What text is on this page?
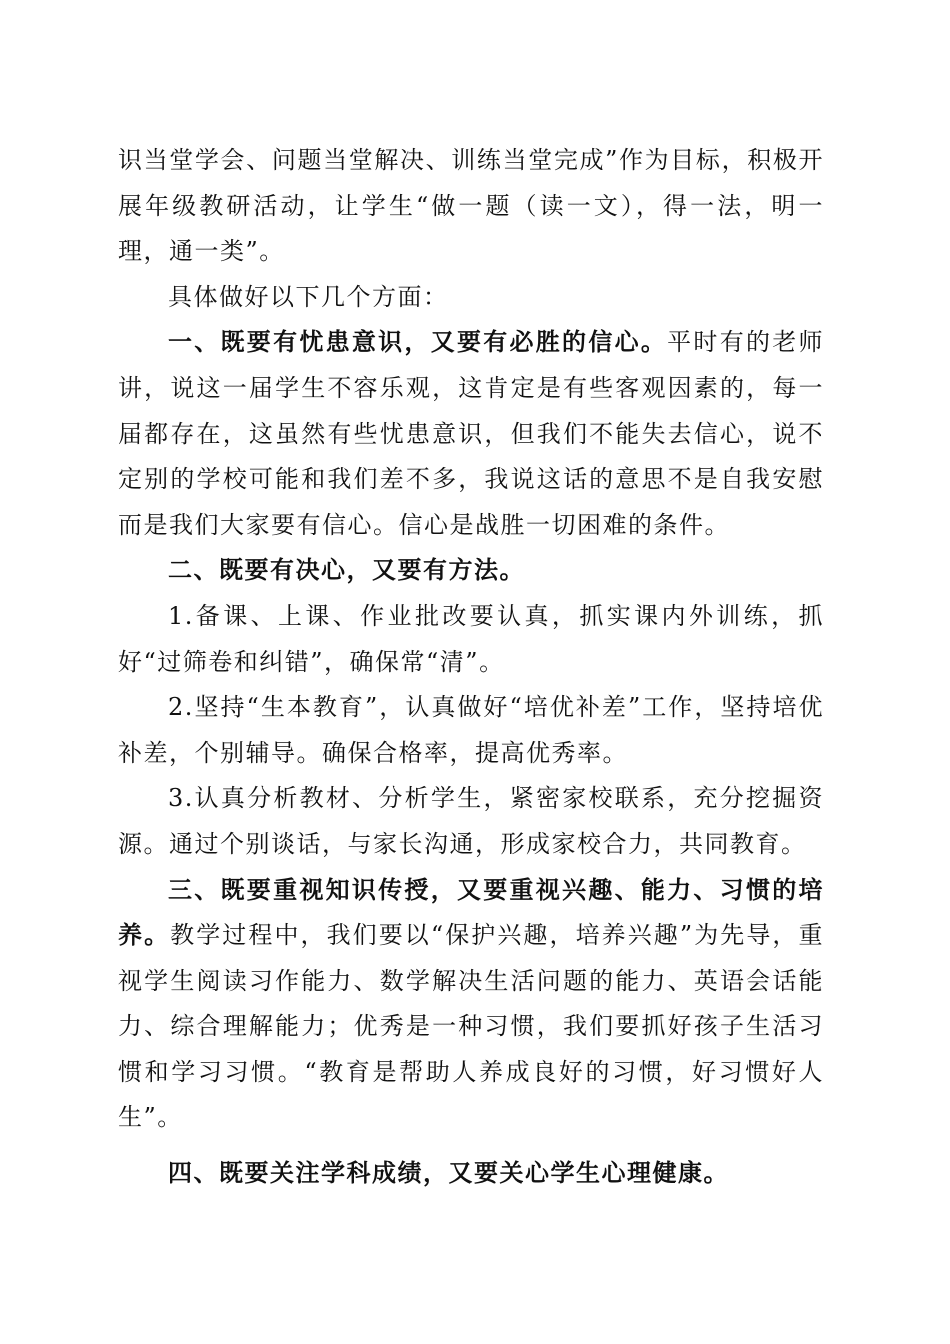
识当堂学会、问题当堂解决、训练当堂完成”作为目标，积极开展年级教研活动，让学生“做一题（读一文），得一法，明一理，通一类”。

具体做好以下几个方面：

一、既要有忧患意识，又要有必胜的信心。平时有的老师讲，说这一届学生不容乐观，这肯定是有些客观因素的，每一届都存在，这虽然有些忧患意识，但我们不能失去信心，说不定别的学校可能和我们差不多，我说这话的意思不是自我安慰而是我们大家要有信心。信心是战胜一切困难的条件。

二、既要有决心，又要有方法。

1.备课、上课、作业批改要认真，抓实课内外训练，抓好“过筛卷和纠错”，确保常“清”。

2.坚持“生本教育”，认真做好“培优补差”工作，坚持培优补差，个别辅导。确保合格率，提高优秀率。

3.认真分析教材、分析学生，紧密家校联系，充分挖掘资源。通过个别谈话，与家长沟通，形成家校合力，共同教育。

三、既要重视知识传授，又要重视兴趣、能力、习惯的培养。教学过程中，我们要以“保护兴趣，培养兴趣”为先导，重视学生阅读习作能力、数学解决生活问题的能力、英语会话能力、综合理解能力；优秀是一种习惯，我们要抓好孩子生活习惯和学习习惯。“教育是帮助人养成良好的习惯，好习惯好人生”。

四、既要关注学科成绩，又要关心学生心理健康。
